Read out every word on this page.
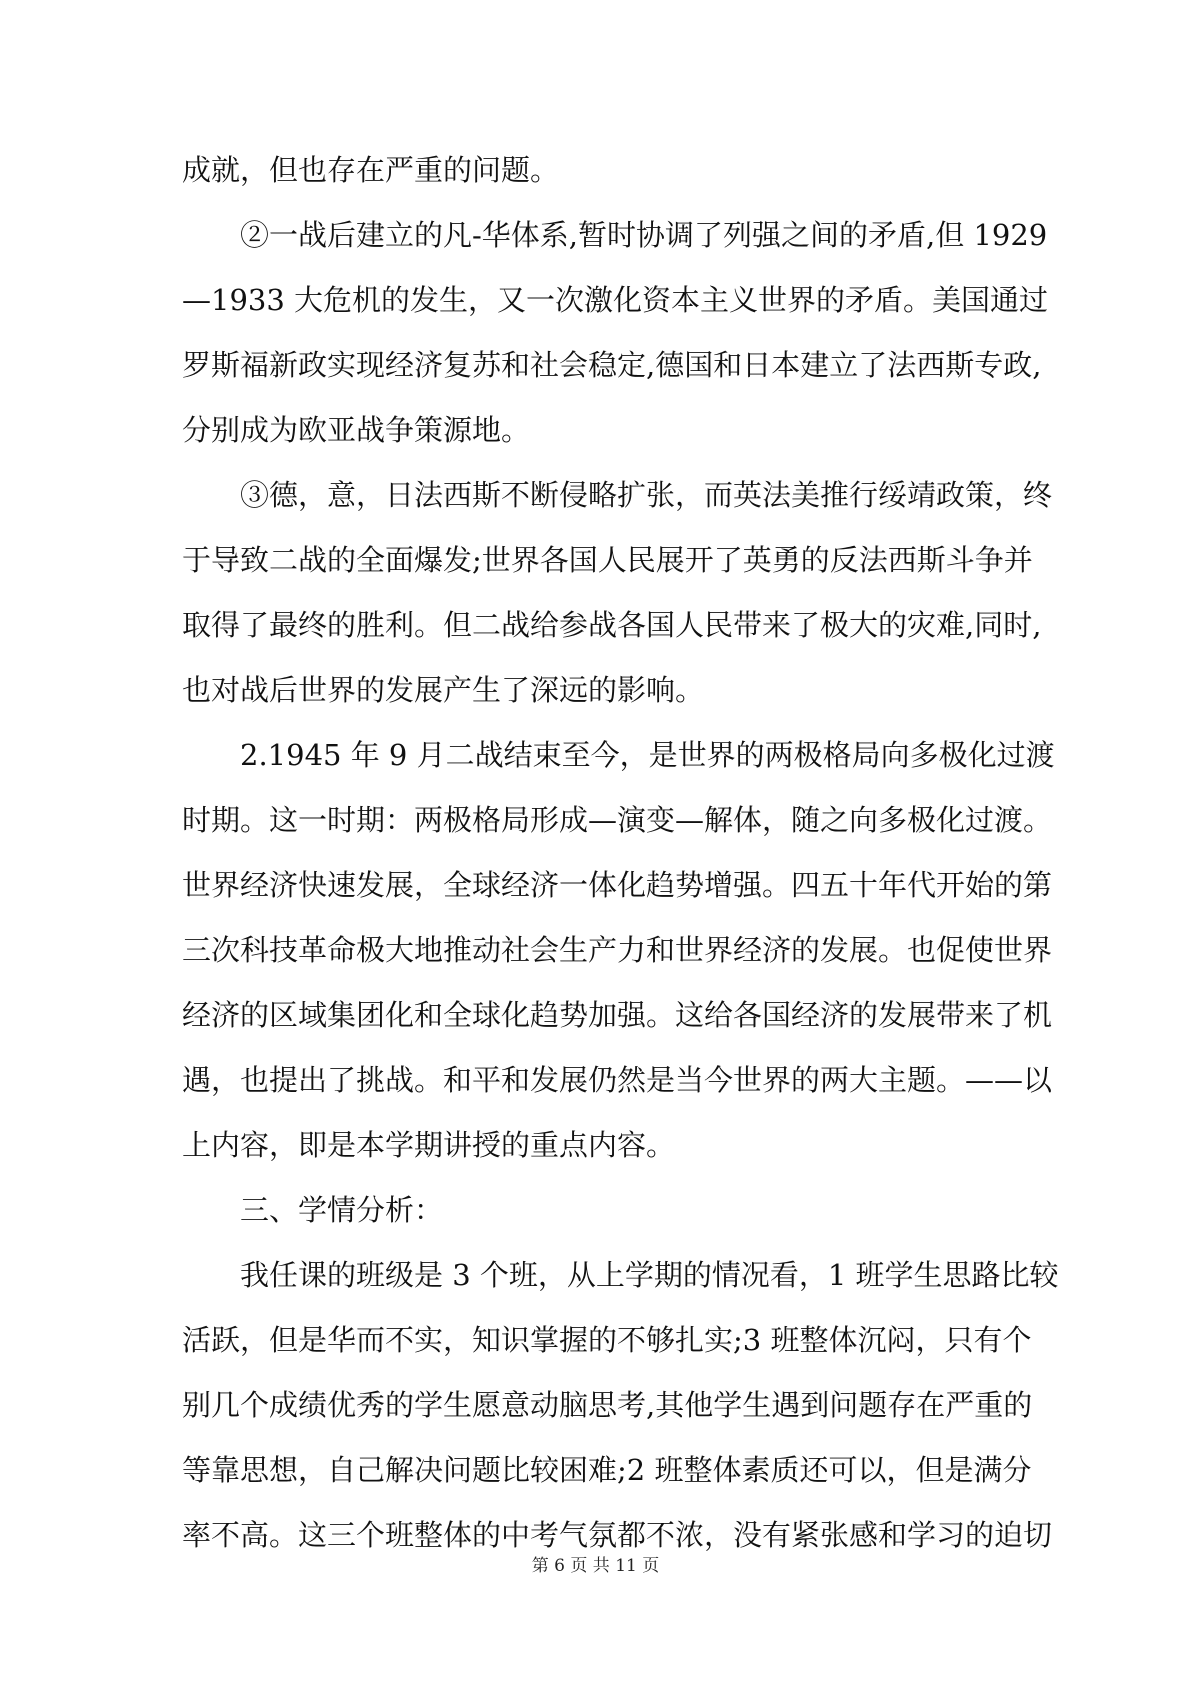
成就，但也存在严重的问题。
②一战后建立的凡-华体系,暂时协调了列强之间的矛盾,但 1929
—1933 大危机的发生，又一次激化资本主义世界的矛盾。美国通过
罗斯福新政实现经济复苏和社会稳定,德国和日本建立了法西斯专政,
分别成为欧亚战争策源地。
③德，意，日法西斯不断侵略扩张，而英法美推行绥靖政策，终
于导致二战的全面爆发;世界各国人民展开了英勇的反法西斯斗争并
取得了最终的胜利。但二战给参战各国人民带来了极大的灾难,同时,
也对战后世界的发展产生了深远的影响。
2.1945 年 9 月二战结束至今，是世界的两极格局向多极化过渡
时期。这一时期：两极格局形成—演变—解体，随之向多极化过渡。
世界经济快速发展，全球经济一体化趋势增强。四五十年代开始的第
三次科技革命极大地推动社会生产力和世界经济的发展。也促使世界
经济的区域集团化和全球化趋势加强。这给各国经济的发展带来了机
遇，也提出了挑战。和平和发展仍然是当今世界的两大主题。——以
上内容，即是本学期讲授的重点内容。
三、学情分析：
我任课的班级是 3 个班，从上学期的情况看，1 班学生思路比较
活跃，但是华而不实，知识掌握的不够扎实;3 班整体沉闷，只有个
别几个成绩优秀的学生愿意动脑思考,其他学生遇到问题存在严重的
等靠思想，自己解决问题比较困难;2 班整体素质还可以，但是满分
率不高。这三个班整体的中考气氛都不浓，没有紧张感和学习的迫切
第 6 页 共 11 页
